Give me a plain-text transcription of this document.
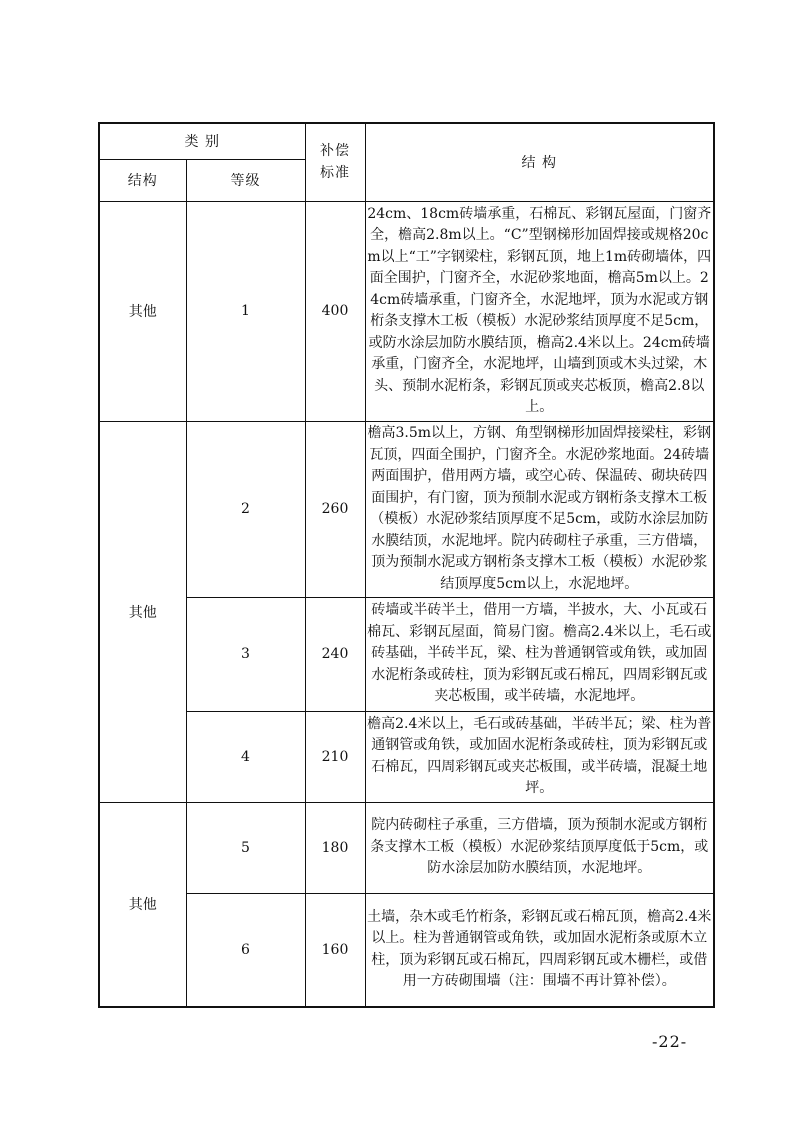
类 别		补偿标准	结 构
结构	等级		
其他	1	400	24cm、18cm砖墙承重，石棉瓦、彩钢瓦屋面，门窗齐全，檐高2.8m以上。“C”型钢梯形加固焊接或规格20cm以上“工”字钢梁柱，彩钢瓦顶，地上1m砖砌墙体，四面全围护，门窗齐全，水泥砂浆地面，檐高5m以上。24cm砖墙承重，门窗齐全，水泥地坪，顶为水泥或方钢桁条支撑木工板（模板）水泥砂浆结顶厚度不足5cm，或防水涂层加防水膜结顶，檐高2.4米以上。24cm砖墙承重，门窗齐全，水泥地坪，山墙到顶或木头过梁，木头、预制水泥桁条，彩钢瓦顶或夹芯板顶，檐高2.8以上。
其他	2	260	檐高3.5m以上，方钢、角型钢梯形加固焊接梁柱，彩钢瓦顶，四面全围护，门窗齐全。水泥砂浆地面。24砖墙两面围护，借用两方墙，或空心砖、保温砖、砌块砖四面围护，有门窗，顶为预制水泥或方钢桁条支撑木工板（模板）水泥砂浆结顶厚度不足5cm，或防水涂层加防水膜结顶，水泥地坪。院内砖砌柱子承重，三方借墙，顶为预制水泥或方钢桁条支撑木工板（模板）水泥砂浆结顶厚度5cm以上，水泥地坪。
	3	240	砖墙或半砖半土，借用一方墙，半披水，大、小瓦或石棉瓦、彩钢瓦屋面，简易门窗。檐高2.4米以上，毛石或砖基础，半砖半瓦，梁、柱为普通钢管或角铁，或加固水泥桁条或砖柱，顶为彩钢瓦或石棉瓦，四周彩钢瓦或夹芯板围，或半砖墙，水泥地坪。
	4	210	檐高2.4米以上，毛石或砖基础，半砖半瓦；梁、柱为普通钢管或角铁，或加固水泥桁条或砖柱，顶为彩钢瓦或石棉瓦，四周彩钢瓦或夹芯板围，或半砖墙，混凝土地坪。
其他	5	180	院内砖砌柱子承重，三方借墙，顶为预制水泥或方钢桁条支撑木工板（模板）水泥砂浆结顶厚度低于5cm，或防水涂层加防水膜结顶，水泥地坪。
	6	160	土墙，杂木或毛竹桁条，彩钢瓦或石棉瓦顶，檐高2.4米以上。柱为普通钢管或角铁，或加固水泥桁条或原木立柱，顶为彩钢瓦或石棉瓦，四周彩钢瓦或木栅栏，或借用一方砖砌围墙（注：围墙不再计算补偿）。
-22-
